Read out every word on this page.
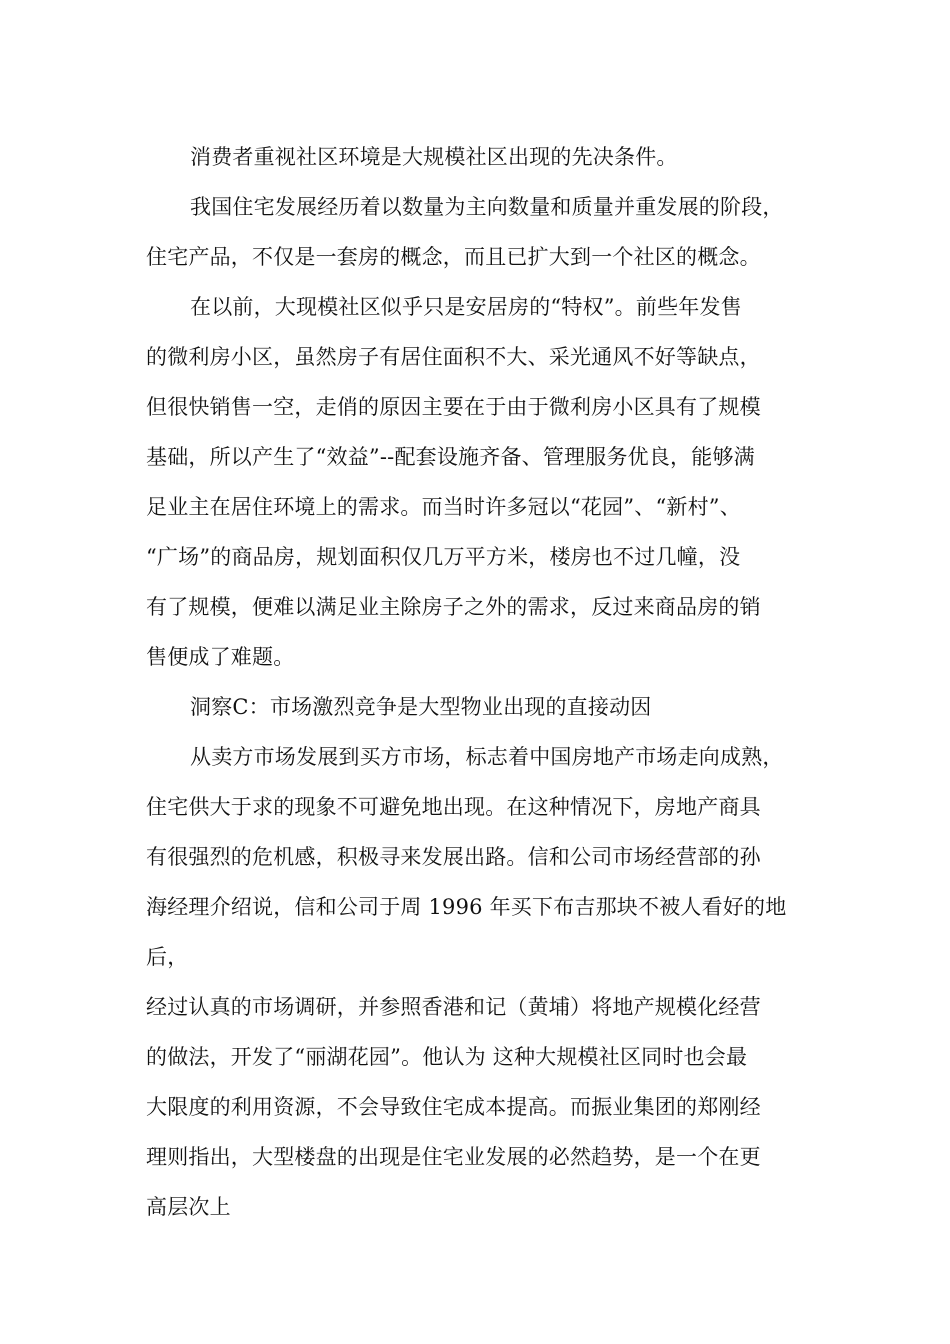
消费者重视社区环境是大规模社区出现的先决条件。
我国住宅发展经历着以数量为主向数量和质量并重发展的阶段，
住宅产品，不仅是一套房的概念，而且已扩大到一个社区的概念。
在以前，大现模社区似乎只是安居房的“特权”。前些年发售
的微利房小区，虽然房子有居住面积不大、采光通风不好等缺点，
但很快销售一空，走俏的原因主要在于由于微利房小区具有了规模
基础，所以产生了“效益”--配套设施齐备、管理服务优良，能够满
足业主在居住环境上的需求。而当时许多冠以“花园”、“新村”、
“广场”的商品房，规划面积仅几万平方米，楼房也不过几幢，没
有了规模，便难以满足业主除房子之外的需求，反过来商品房的销
售便成了难题。
洞察C：市场激烈竞争是大型物业出现的直接动因
从卖方市场发展到买方市场，标志着中国房地产市场走向成熟，
住宅供大于求的现象不可避免地出现。在这种情况下，房地产商具
有很强烈的危机感，积极寻来发展出路。信和公司市场经营部的孙
海经理介绍说，信和公司于周 1996 年买下布吉那块不被人看好的地
后，
经过认真的市场调研，并参照香港和记（黄埔）将地产规模化经营
的做法，开发了“丽湖花园”。他认为 这种大规模社区同时也会最
大限度的利用资源，不会导致住宅成本提高。而振业集团的郑刚经
理则指出，大型楼盘的出现是住宅业发展的必然趋势，是一个在更
高层次上
